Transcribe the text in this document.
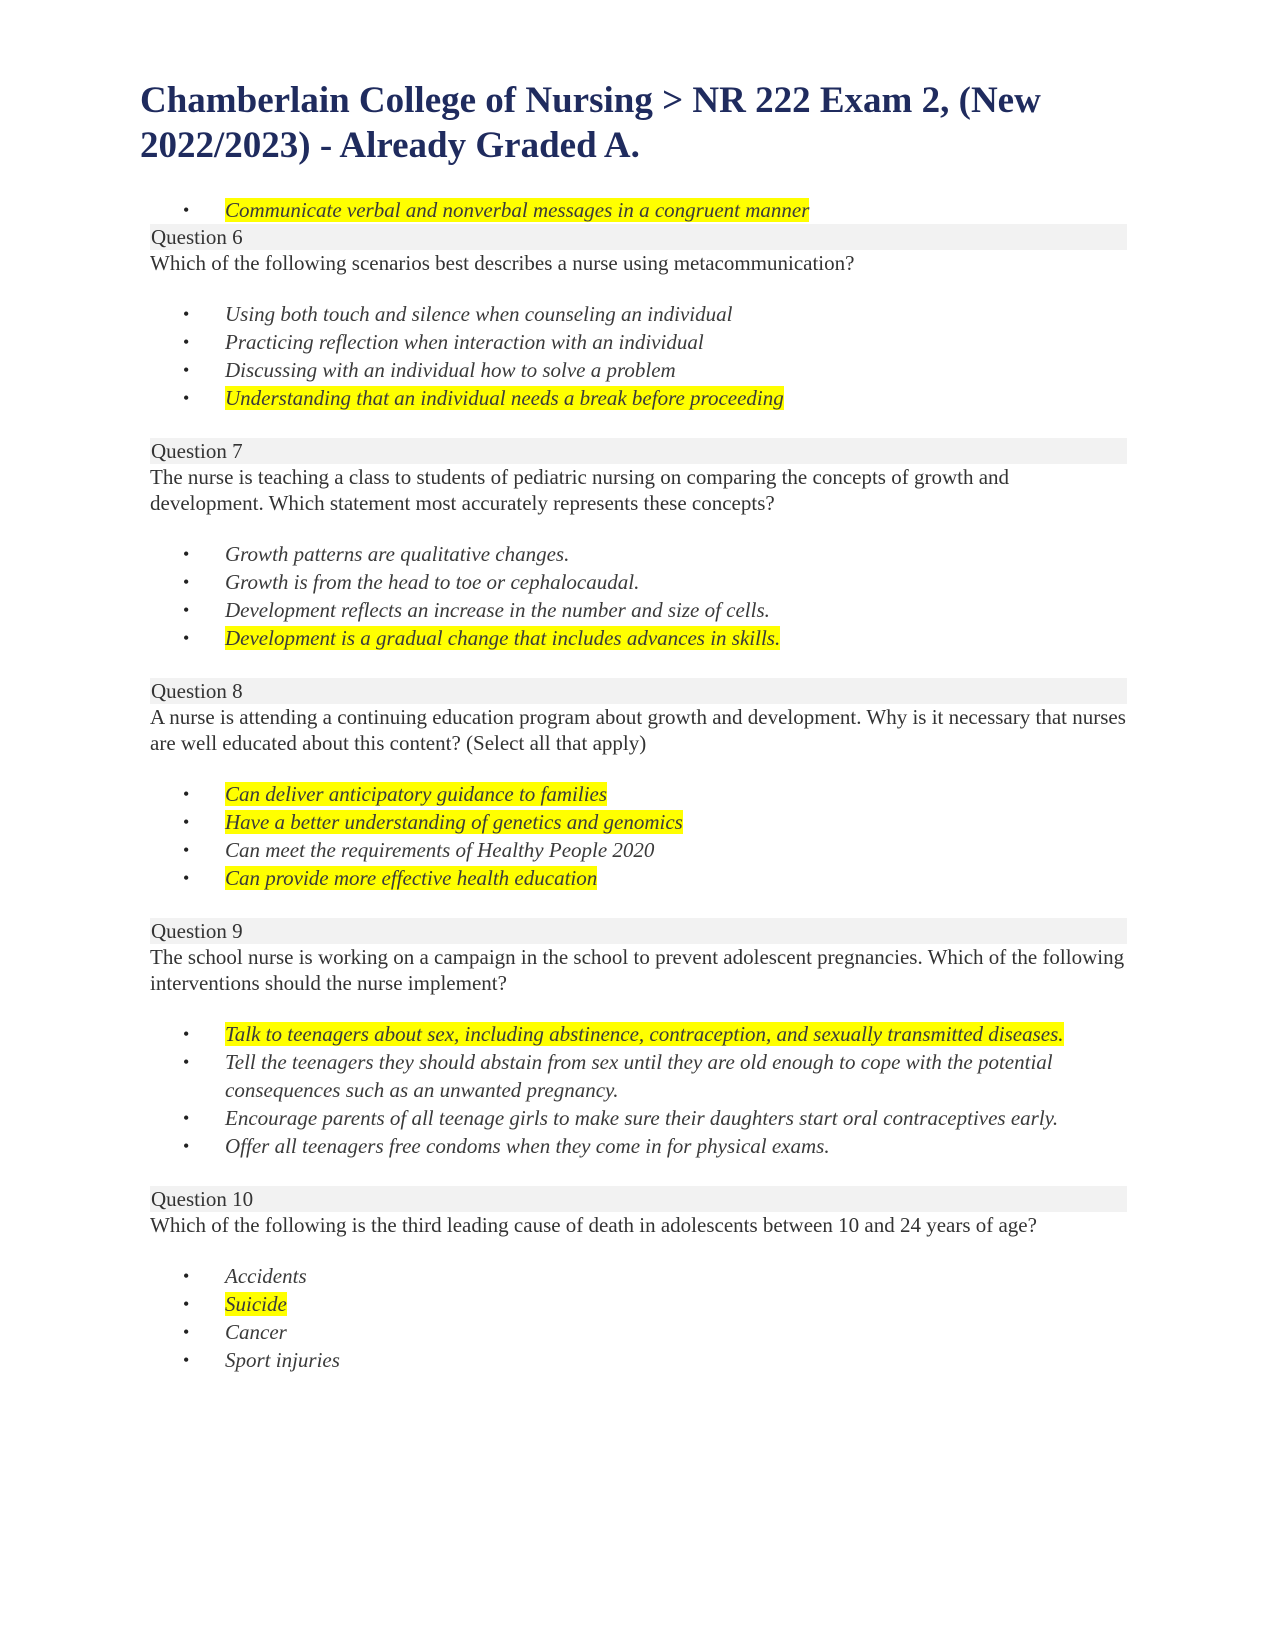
Chamberlain College of Nursing > NR 222 Exam 2, (New 2022/2023) - Already Graded A.
• Communicate verbal and nonverbal messages in a congruent manner
Question 6
Which of the following scenarios best describes a nurse using metacommunication?
• Using both touch and silence when counseling an individual
• Practicing reflection when interaction with an individual
• Discussing with an individual how to solve a problem
• Understanding that an individual needs a break before proceeding
Question 7
The nurse is teaching a class to students of pediatric nursing on comparing the concepts of growth and development. Which statement most accurately represents these concepts?
• Growth patterns are qualitative changes.
• Growth is from the head to toe or cephalocaudal.
• Development reflects an increase in the number and size of cells.
• Development is a gradual change that includes advances in skills.
Question 8
A nurse is attending a continuing education program about growth and development. Why is it necessary that nurses are well educated about this content? (Select all that apply)
• Can deliver anticipatory guidance to families
• Have a better understanding of genetics and genomics
• Can meet the requirements of Healthy People 2020
• Can provide more effective health education
Question 9
The school nurse is working on a campaign in the school to prevent adolescent pregnancies. Which of the following interventions should the nurse implement?
• Talk to teenagers about sex, including abstinence, contraception, and sexually transmitted diseases.
• Tell the teenagers they should abstain from sex until they are old enough to cope with the potential consequences such as an unwanted pregnancy.
• Encourage parents of all teenage girls to make sure their daughters start oral contraceptives early.
• Offer all teenagers free condoms when they come in for physical exams.
Question 10
Which of the following is the third leading cause of death in adolescents between 10 and 24 years of age?
• Accidents
• Suicide
• Cancer
• Sport injuries
